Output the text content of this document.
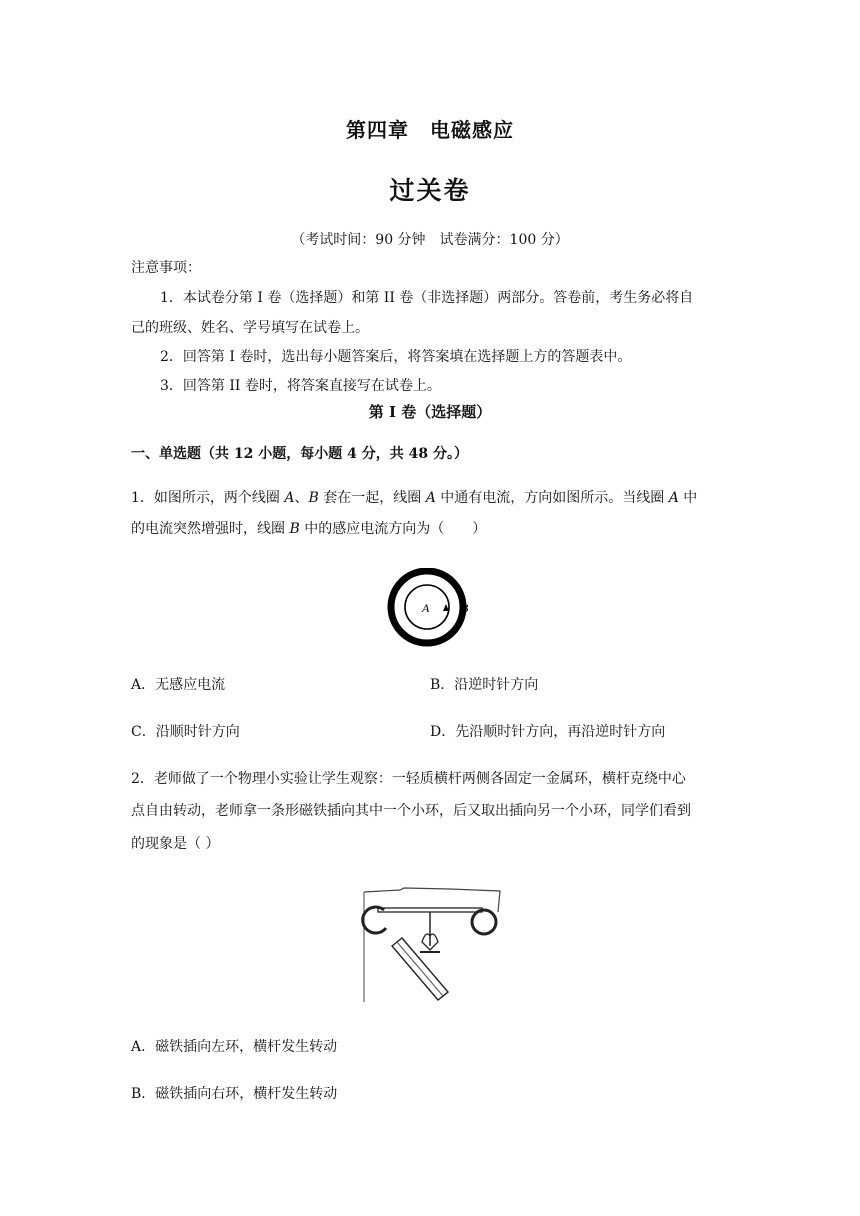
第四章　电磁感应
过关卷
（考试时间：90 分钟　试卷满分：100 分）
注意事项：
1．本试卷分第 I 卷（选择题）和第 II 卷（非选择题）两部分。答卷前，考生务必将自
己的班级、姓名、学号填写在试卷上。
2．回答第 I 卷时，选出每小题答案后，将答案填在选择题上方的答题表中。
3．回答第 II 卷时，将答案直接写在试卷上。
第 I 卷（选择题）
一、单选题（共 12 小题，每小题 4 分，共 48 分。）
1．如图所示，两个线圈 A、B 套在一起，线圈 A 中通有电流，方向如图所示。当线圈 A 中
的电流突然增强时，线圈 B 中的感应电流方向为（　　）
A	B
A．无感应电流	B．沿逆时针方向
C．沿顺时针方向	D．先沿顺时针方向，再沿逆时针方向
2．老师做了一个物理小实验让学生观察：一轻质横杆两侧各固定一金属环，横杆克绕中心
点自由转动，老师拿一条形磁铁插向其中一个小环，后又取出插向另一个小环，同学们看到
的现象是（ ）
A．磁铁插向左环，横杆发生转动
B．磁铁插向右环，横杆发生转动
